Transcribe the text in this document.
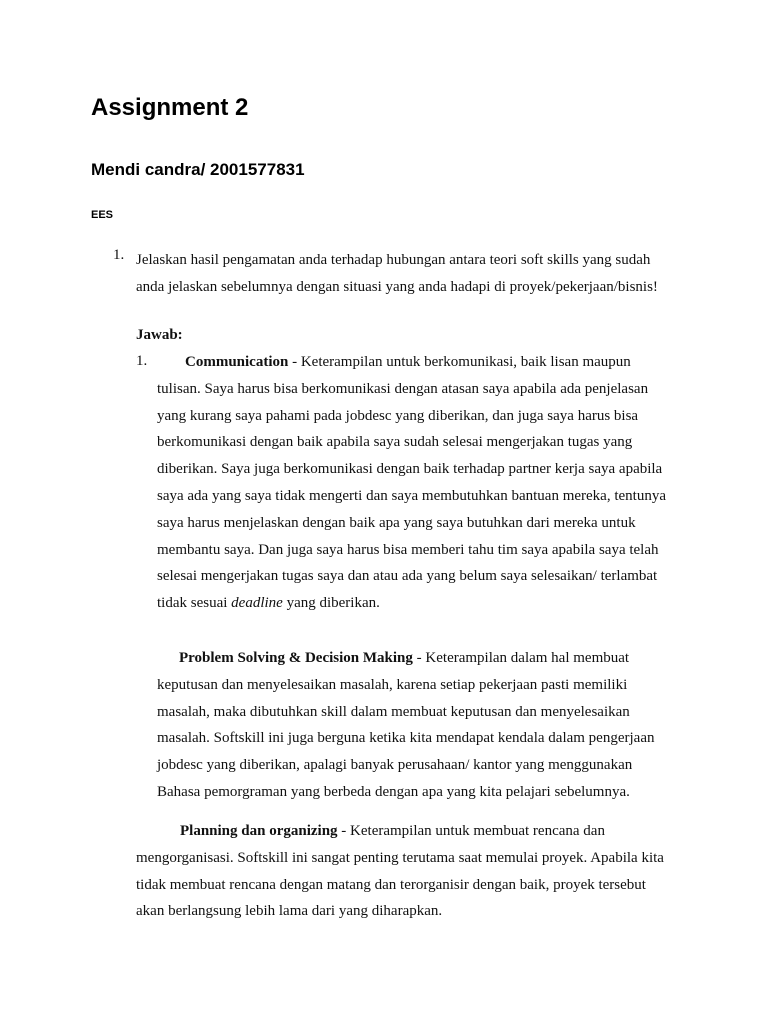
Assignment 2
Mendi candra/ 2001577831
EES
1. Jelaskan hasil pengamatan anda terhadap hubungan antara teori soft skills yang sudah
anda jelaskan sebelumnya dengan situasi yang anda hadapi di proyek/pekerjaan/bisnis!

Jawab:

1.	Communication - Keterampilan untuk berkomunikasi, baik lisan maupun
tulisan. Saya harus bisa berkomunikasi dengan atasan saya apabila ada penjelasan
yang kurang saya pahami pada jobdesc yang diberikan, dan juga saya harus bisa
berkomunikasi dengan baik apabila saya sudah selesai mengerjakan tugas yang
diberikan. Saya juga berkomunikasi dengan baik terhadap partner kerja saya apabila
saya ada yang saya tidak mengerti dan saya membutuhkan bantuan mereka, tentunya
saya harus menjelaskan dengan baik apa yang saya butuhkan dari mereka untuk
membantu saya. Dan juga saya harus bisa memberi tahu tim saya apabila saya telah
selesai mengerjakan tugas saya dan atau ada yang belum saya selesaikan/ terlambat
tidak sesuai deadline yang diberikan.

Problem Solving & Decision Making - Keterampilan dalam hal membuat
keputusan dan menyelesaikan masalah, karena setiap pekerjaan pasti memiliki
masalah, maka dibutuhkan skill dalam membuat keputusan dan menyelesaikan
masalah. Softskill ini juga berguna ketika kita mendapat kendala dalam pengerjaan
jobdesc yang diberikan, apalagi banyak perusahaan/ kantor yang menggunakan
Bahasa pemorgraman yang berbeda dengan apa yang kita pelajari sebelumnya.

Planning dan organizing - Keterampilan untuk membuat rencana dan
mengorganisasi. Softskill ini sangat penting terutama saat memulai proyek. Apabila kita
tidak membuat rencana dengan matang dan terorganisir dengan baik, proyek tersebut
akan berlangsung lebih lama dari yang diharapkan.
